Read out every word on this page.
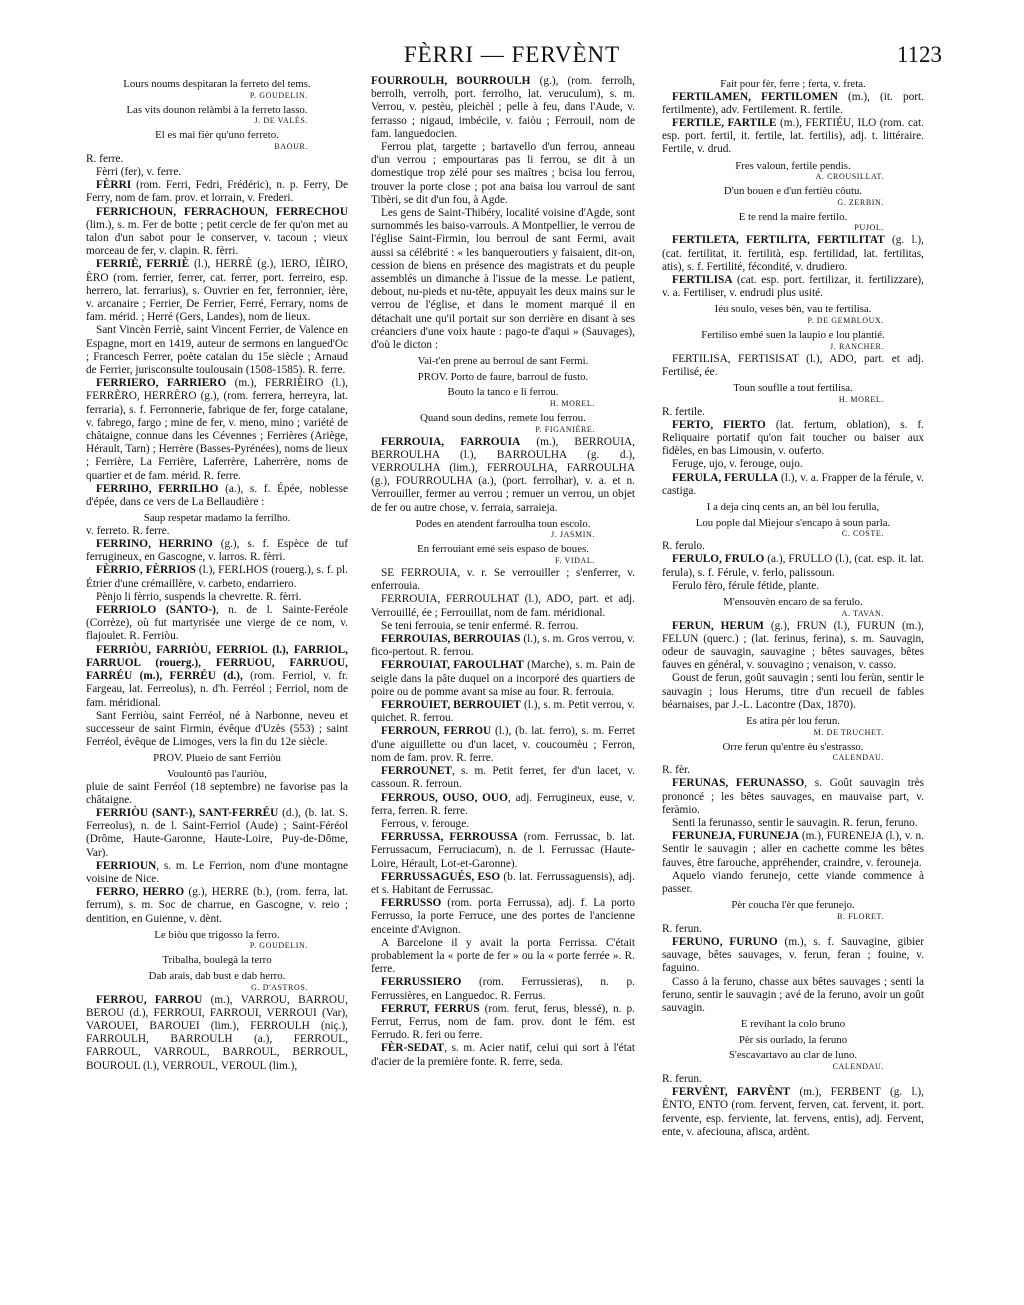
FÈRRI — FERVÈNT	1123
Lours noums despitaran la ferreto del tems.
P. GOUDELIN.
Las vits dounon relàmbi à la ferreto lasso.
J. DE VALÈS.
El es mai fièr qu'uno ferreto.
BAOUR.

R. ferre.

Fèrri (fer), v. ferre.

FÈRRI (rom. Ferri, Fedri, Frédéric), n. p. Ferry, De Ferry, nom de fam. prov. et lorrain, v. Frederi.

FERRICHOUN, FERRACHOUN, FERRECHOU (lim.), s. m. Fer de botte ; petit cercle de fer qu'on met au talon d'un sabot pour le conserver, v. tacoun ; vieux morceau de fer, v. clapin. R. fèrri.

FERRIÈ, FERRIÈ (l.), HERRÈ (g.), IERO, IÈIRO, ÈRO (rom. ferrier, ferrer, cat. ferrer, port. ferreiro, esp. herrero, lat. ferrarius), s. Ouvrier en fer, ferronnier, ière, v. arcanaire ; Ferrier, De Ferrier, Ferré, Ferrary, noms de fam. mérid. ; Herré (Gers, Landes), nom de lieux.

Sant Vincèn Ferriè, saint Vincent Ferrier, de Valence en Espagne, mort en 1419, auteur de sermons en langued'Oc ; Francesch Ferrer, poète catalan du 15e siècle ; Arnaud de Ferrier, jurisconsulte toulousain (1508-1585). R. ferre.

FERRIERO, FARRIERO (m.), FERRIÈIRO (l.), FERRÈRO, HERRÈRO (g.), (rom. ferrera, herreyra, lat. ferraria), s. f. Ferronnerie, fabrique de fer, forge catalane, v. fabrego, fargo ; mine de fer, v. meno, mino ; variété de châtaigne, connue dans les Cévennes ; Ferrières (Ariège, Hérault, Tarn) ; Herrère (Basses-Pyrénées), noms de lieux ; Ferrière, La Ferrière, Laferrère, Laherrère, noms de quartier et de fam. mérid. R. ferre.

FERRIHO, FERRILHO (a.), s. f. Épée, noblesse d'épée, dans ce vers de La Bellaudière :

Saup respetar madamo la ferrilho.

v. ferreto. R. ferre.

FERRINO, HERRINO (g.), s. f. Espèce de tuf ferrugineux, en Gascogne, v. larros. R. fèrri.

FÈRRIO, FÈRRIOS (l.), FERLHOS (rouerg.), s. f. pl. Étrier d'une crémaillère, v. carbeto, endarriero.

Pènjo li fèrrio, suspends la chevrette. R. fèrri.

FERRIOLO (SANTO-), n. de l. Sainte-Feréole (Corrèze), où fut martyrisée une vierge de ce nom, v. flajoulet. R. Ferriòu.

FERRIÒU, FARRIÒU, FERRIOL (l.), FARRIOL, FARRUOL (rouerg.), FERRUOU, FARRUOU, FARRÉU (m.), FERRÉU (d.), (rom. Ferriol, v. fr. Fargeau, lat. Ferreolus), n. d'h. Ferréol ; Ferriol, nom de fam. méridional.

Sant Ferriòu, saint Ferréol, né à Narbonne, neveu et successeur de saint Firmin, évêque d'Uzès (553) ; saint Ferréol, évêque de Limoges, vers la fin du 12e siècle.

PROV. Plueio de sant Ferriòu
Voulountô pas l'auriòu,

pluie de saint Ferréol (18 septembre) ne favorise pas la châtaigne.

FERRIÒU (SANT-), SANT-FERRÉU (d.), (b. lat. S. Ferreolus), n. de l. Saint-Ferriol (Aude) ; Saint-Féréol (Drôme, Haute-Garonne, Haute-Loire, Puy-de-Dôme, Var).

FERRIOUN, s. m. Le Ferrion, nom d'une montagne voisine de Nice.

FERRO, HERRO (g.), HERRE (b.), (rom. ferra, lat. ferrum), s. m. Soc de charrue, en Gascogne, v. reio ; dentition, en Guienne, v. dènt.

Le biòu que trigosso la ferro.
P. GOUDELIN.
Tribalha, boulegà la terro
Dab arais, dab bust e dab herro.
G. D'ASTROS.

FERROU, FARROU (m.), VARROU, BARROU, BEROU (d.), FERROUI, FARROUI, VERROUI (Var), VAROUEI, BAROUEI (lim.), FERROULH (niç.), FARROULH, BARROULH (a.), FERROUL, FARROUL, VARROUL, BARROUL, BERROUL, BOUROUL (l.), VERROUL, VEROUL (lim.),

FOURROULH, BOURROULH (g.), (rom. ferrolh, berrolh, verrolh, port. ferrolho, lat. veruculum), s. m. Verrou, v. pestèu, pleichèl ; pelle à feu, dans l'Aude, v. ferrasso ; nigaud, imbécile, v. faiòu ; Ferrouil, nom de fam. languedocien.

Ferrou plat, targette ; bartavello d'un ferrou, anneau d'un verrou ; empourtaras pas li ferrou, se dit à un domestique trop zélé pour ses maîtres ; bcisa lou ferrou, trouver la porte close ; pot ana baisa lou varroul de sant Tibèri, se dit d'un fou, à Agde.

Les gens de Saint-Thibéry, localité voisine d'Agde, sont surnommés les baiso-varrouls. A Montpellier, le verrou de l'église Saint-Firmin, lou berroul de sant Fermi, avait aussi sa célébrité : « les banqueroutiers y faisaient, dit-on, cession de biens en présence des magistrats et du peuple assemblés un dimanche à l'issue de la messe. Le patient, debout, nu-pieds et nu-tête, appuyait les deux mains sur le verrou de l'église, et dans le moment marqué il en détachait une qu'il portait sur son derrière en disant à ses créanciers d'une voix haute : pago-te d'aqui » (Sauvages), d'où le dicton :

Vai-t'en prene au berroul de sant Fermi.
PROV. Porto de faure, barroul de fusto.
Bouto la tanco e li ferrou.
H. MOREL.
Quand soun dedins, remete lou ferrou.
P. FIGANIÈRE.

FERROUIA, FARROUIA (m.), BERROUIA, BERROULHA (l.), BARROULHA (g. d.), VERROULHA (lim.), FERROULHA, FARROULHA (g.), FOURROULHA (a.), (port. ferrolhar), v. a. et n. Verrouiller, fermer au verrou ; remuer un verrou, un objet de fer ou autre chose, v. ferraia, sarraieja.

Podes en atendent farroulha toun escolo.
J. JASMIN.
En ferrouiant emé seis espaso de boues.
F. VIDAL.

SE FERROUIA, v. r. Se verrouiller ; s'enferrer, v. enferrouia.

FERROUIA, FERROULHAT (l.), ADO, part. et adj. Verrouillé, ée ; Ferrouillat, nom de fam. méridional.

Se teni ferrouia, se tenir enfermé. R. ferrou.

FERROUIAS, BERROUIAS (l.), s. m. Gros verrou, v. fico-pertout. R. ferrou.

FERROUIAT, FAROULHAT (Marche), s. m. Pain de seigle dans la pâte duquel on a incorporé des quartiers de poire ou de pomme avant sa mise au four. R. ferrouia.

FERROUIET, BERROUIET (l.), s. m. Petit verrou, v. quichet. R. ferrou.

FERROUN, FERROU (l.), (b. lat. ferro), s. m. Ferret d'une aiguillette ou d'un lacet, v. coucoumèu ; Ferron, nom de fam. prov. R. ferre.

FERROUNET, s. m. Petit ferret, fer d'un lacet, v. cassoun. R. ferroun.

FERROUS, OUSO, OUO, adj. Ferrugineux, euse, v. ferra, ferren. R. ferre.

Ferrous, v. ferouge.

FERRUSSA, FERROUSSA (rom. Ferrussac, b. lat. Ferrussacum, Ferruciacum), n. de l. Ferrussac (Haute-Loire, Hérault, Lot-et-Garonne).

FERRUSSAGUÉS, ESO (b. lat. Ferrussaguensis), adj. et s. Habitant de Ferrussac.

FERRUSSO (rom. porta Ferrussa), adj. f. La porto Ferrusso, la porte Ferruce, une des portes de l'ancienne enceinte d'Avignon.

A Barcelone il y avait la porta Ferrissa. C'était probablement la « porte de fer » ou la « porte ferrée ». R. ferre.

FERRUSSIERO (rom. Ferrussieras), n. p. Ferrussières, en Languedoc. R. Ferrus.

FERRUT, FERRUS (rom. ferut, ferus, blessé), n. p. Ferrut, Ferrus, nom de fam. prov. dont le fém. est Ferrudo. R. feri ou ferre.

FÈR-SEDAT, s. m. Acier natif, celui qui sort à l'état d'acier de la première fonte. R. ferre, seda.

Fait pour fèr, ferre ; ferta, v. freta.

FERTILAMEN, FERTILOMEN (m.), (it. port. fertilmente), adv. Fertilement. R. fertile.

FERTILE, FARTILE (m.), FERTIÉU, ILO (rom. cat. esp. port. fertil, it. fertile, lat. fertilis), adj. t. littéraire. Fertile, v. drud.

Fres valoun, fertile pendis.
A. CROUSILLAT.
D'un bouen e d'un fertièu côutu.
G. ZERBIN.
E te rend la maire fertilo.
PUJOL.

FERTILETA, FERTILITA, FERTILITAT (g. l.), (cat. fertilitat, it. fertilità, esp. fertilidad, lat. fertilitas, atis), s. f. Fertilité, fécondité, v. drudiero.

FERTILISA (cat. esp. port. fertilizar, it. fertilizzare), v. a. Fertiliser, v. endrudi plus usité.

Iéu soulo, veses bèn, vau te fertilisa.
P. DE GEMBLOUX.
Fertiliso embé suen la laupio e lou plantié.
J. RANCHER.

FERTILISA, FERTISISAT (l.), ADO, part. et adj. Fertilisé, ée.

Toun souflle a tout fertilisa.
H. MOREL.

R. fertile.

FERTO, FIERTO (lat. fertum, oblation), s. f. Reliquaire portatif qu'on fait toucher ou baiser aux fidèles, en bas Limousin, v. ouferto.

Feruge, ujo, v. ferouge, oujo.

FERULA, FERULLA (l.), v. a. Frapper de la férule, v. castiga.

I a deja cinq cents an, an bèl lou ferulla,
Lou pople dal Miejour s'encapo à soun parla.
C. COSTE.

R. ferulo.

FERULO, FRULO (a.), FRULLO (l.), (cat. esp. it. lat. ferula), s. f. Férule, v. ferlo, palissoun.

Ferulo fèro, férule fétide, plante.

M'ensouvèn encaro de sa ferulo.
A. TAVAN.

FERUN, HERUM (g.), FRUN (l.), FURUN (m.), FELUN (querc.) ; (lat. ferinus, ferina), s. m. Sauvagin, odeur de sauvagin, sauvagine ; bêtes sauvages, bêtes fauves en général, v. souvagino ; venaison, v. casso.

Goust de ferun, goût sauvagin ; senti lou ferùn, sentir le sauvagin ; lous Herums, titre d'un recueil de fables béarnaises, par J.-L. Lacontre (Dax, 1870).

Es atira pèr lou ferun.
M. DE TRUCHET.
Orre ferun qu'entre èu s'estrasso.
CALENDAU.

R. fèr.

FERUNAS, FERUNASSO, s. Goût sauvagin très prononcé ; les bêtes sauvages, en mauvaise part, v. feràmio.

Senti la ferunasso, sentir le sauvagin. R. ferun, feruno.

FERUNEJA, FURUNEJA (m.), FURENEJA (l.), v. n. Sentir le sauvagin ; aller en cachette comme les bêtes fauves, être farouche, appréhender, craindre, v. ferouneja.

Aquelo viando ferunejo, cette viande commence à passer.

Pèr coucha l'èr que ferunejo.
B. FLORET.

R. ferun.

FERUNO, FURUNO (m.), s. f. Sauvagine, gibier sauvage, bêtes sauvages, v. ferun, feran ; fouine, v. faguino.

Casso à la feruno, chasse aux bêtes sauvages ; senti la feruno, sentir le sauvagin ; avé de la feruno, avoir un goût sauvagin.

E revihant la colo bruno
Pèr sis ourlado, la feruno
S'escavartavo au clar de luno.
CALENDAU.

R. ferun.

FERVÈNT, FARVÈNT (m.), FERBENT (g. l.), ÈNTO, ENTO (rom. fervent, ferven, cat. fervent, it. port. fervente, esp. ferviente, lat. fervens, entis), adj. Fervent, ente, v. afeciouna, afisca, ardènt.
